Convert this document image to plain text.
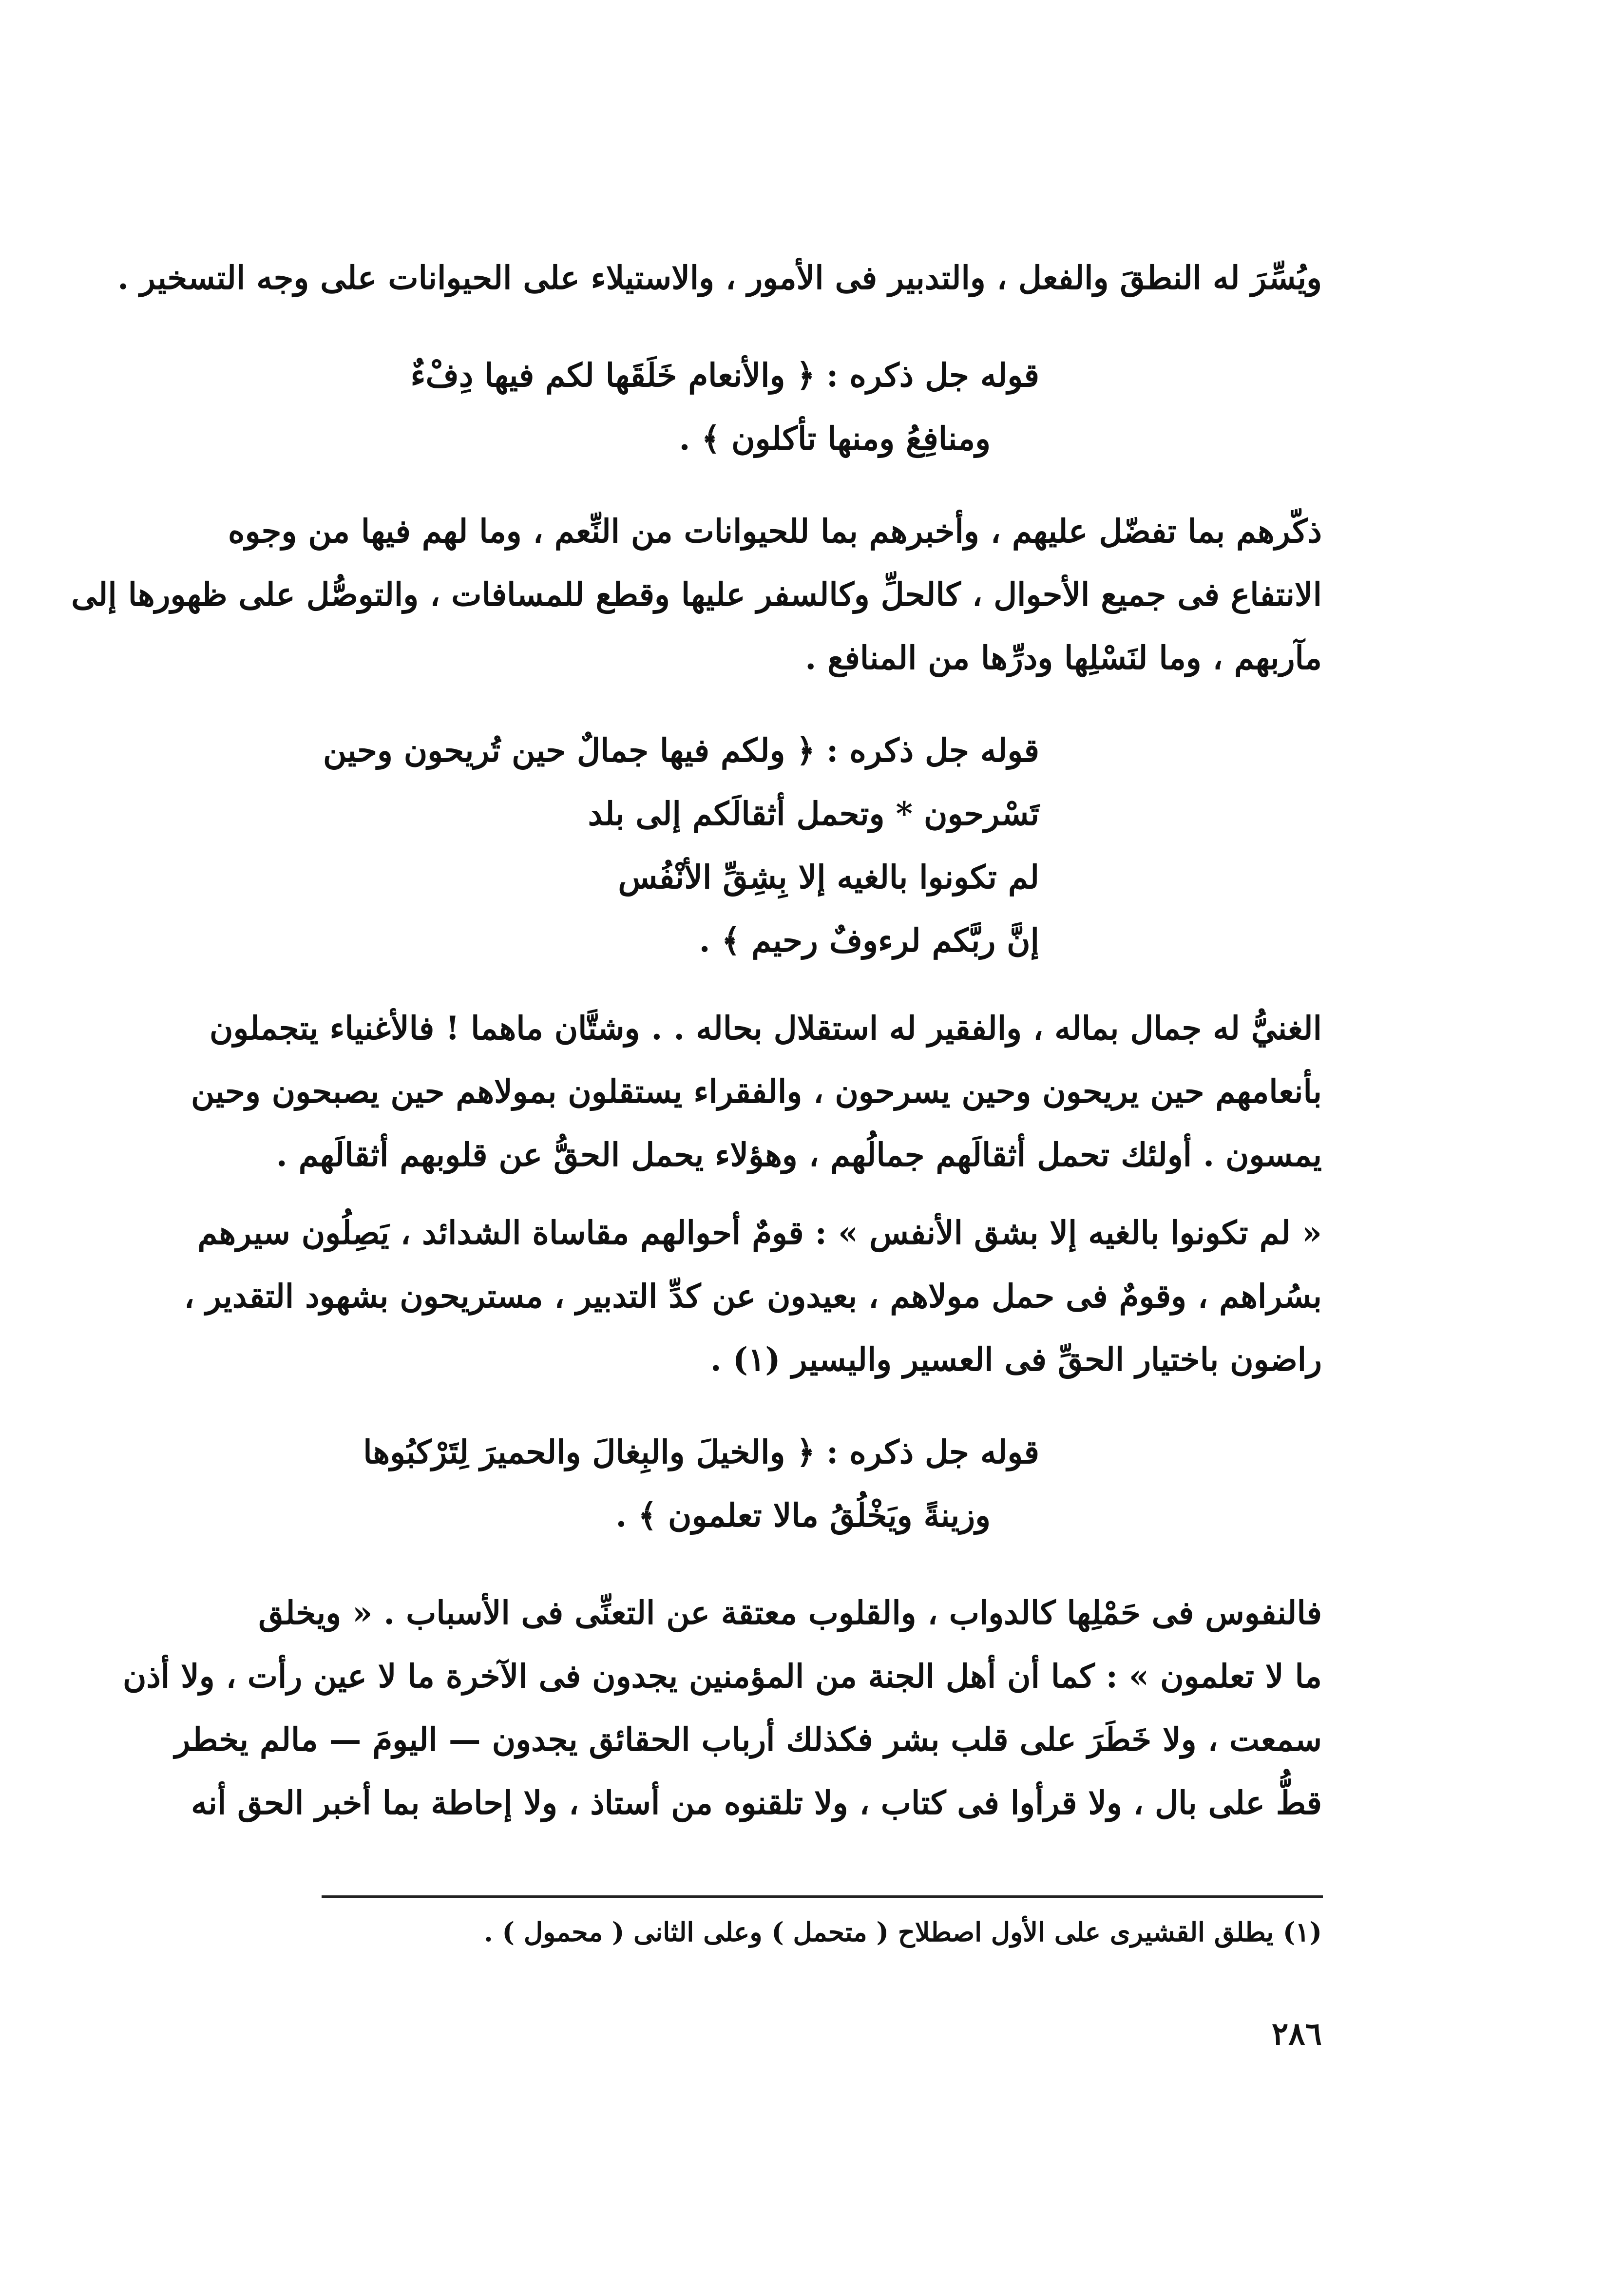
ويُسِّرَ له النطقَ والفعل ، والتدبير فى الأمور ، والاستيلاء على الحيوانات على وجه التسخير .
قوله جل ذكره : ﴿ والأنعام خَلَقَها لكم فيها دِفْءٌ
ومنافِعُ ومنها تأكلون ﴾ .
ذكّرهم بما تفضّل عليهم ، وأخبرهم بما للحيوانات من النِّعم ، وما لهم فيها من وجوه
الانتفاع فى جميع الأحوال ، كالحلِّ وكالسفر عليها وقطع للمسافات ، والتوصُّل على ظهورها إلى
مآربهم ، وما لنَسْلِها ودرِّها من المنافع .
قوله جل ذكره : ﴿ ولكم فيها جمالٌ حين تُريحون وحين
تَسْرحون * وتحمل أثقالَكم إلى بلد
لم تكونوا بالغيه إلا بِشِقِّ الأنْفُس
إنَّ ربَّكم لرءوفٌ رحيم ﴾ .
الغنيُّ له جمال بماله ، والفقير له استقلال بحاله . . وشتَّان ماهما ! فالأغنياء يتجملون
بأنعامهم حين يريحون وحين يسرحون ، والفقراء يستقلون بمولاهم حين يصبحون وحين
يمسون . أولئك تحمل أثقالَهم جمالُهم ، وهؤلاء يحمل الحقُّ عن قلوبهم أثقالَهم .
« لم تكونوا بالغيه إلا بشق الأنفس » : قومٌ أحوالهم مقاساة الشدائد ، يَصِلُون سيرهم
بسُراهم ، وقومٌ فى حمل مولاهم ، بعيدون عن كدِّ التدبير ، مستريحون بشهود التقدير ،
راضون باختيار الحقِّ فى العسير واليسير (١) .
قوله جل ذكره : ﴿ والخيلَ والبِغالَ والحميرَ لِتَرْكبُوها
وزينةً ويَخْلُقُ مالا تعلمون ﴾ .
فالنفوس فى حَمْلِها كالدواب ، والقلوب معتقة عن التعنِّى فى الأسباب . « ويخلق
ما لا تعلمون » : كما أن أهل الجنة من المؤمنين يجدون فى الآخرة ما لا عين رأت ، ولا أذن
سمعت ، ولا خَطَرَ على قلب بشر فكذلك أرباب الحقائق يجدون — اليومَ — مالم يخطر
قطُّ على بال ، ولا قرأوا فى كتاب ، ولا تلقنوه من أستاذ ، ولا إحاطة بما أخبر الحق أنه
(١) يطلق القشيرى على الأول اصطلاح ( متحمل ) وعلى الثانى ( محمول ) .
٢٨٦
